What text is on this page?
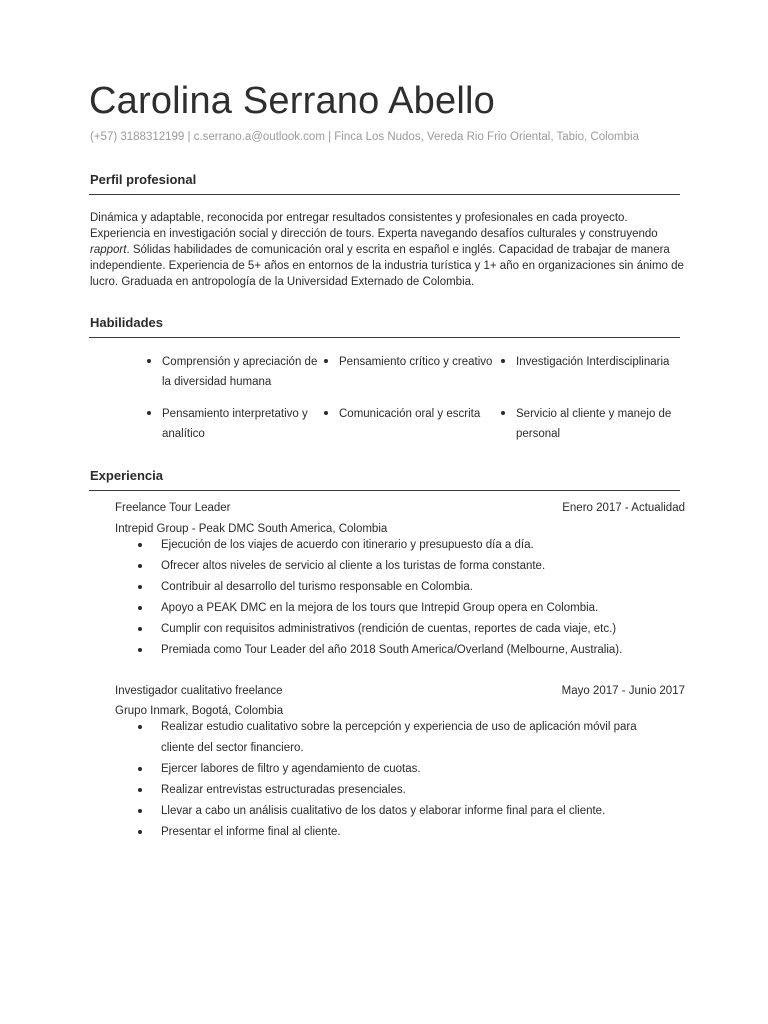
Carolina Serrano Abello
(+57) 3188312199 | c.serrano.a@outlook.com | Finca Los Nudos, Vereda Rio Frio Oriental, Tabio, Colombia
Perfil profesional
Dinámica y adaptable, reconocida por entregar resultados consistentes y profesionales en cada proyecto. Experiencia en investigación social y dirección de tours. Experta navegando desafíos culturales y construyendo rapport. Sólidas habilidades de comunicación oral y escrita en español e inglés. Capacidad de trabajar de manera independiente. Experiencia de 5+ años en entornos de la industria turística y 1+ año en organizaciones sin ánimo de lucro. Graduada en antropología de la Universidad Externado de Colombia.
Habilidades
Comprensión y apreciación de la diversidad humana
Pensamiento crítico y creativo	Investigación Interdisciplinaria
Pensamiento interpretativo y analítico
Comunicación oral y escrita	Servicio al cliente y manejo de personal
Experiencia
Freelance Tour Leader	Enero 2017 - Actualidad
Intrepid Group - Peak DMC South America, Colombia
Ejecución de los viajes de acuerdo con itinerario y presupuesto día a día.
Ofrecer altos niveles de servicio al cliente a los turistas de forma constante.
Contribuir al desarrollo del turismo responsable en Colombia.
Apoyo a PEAK DMC en la mejora de los tours que Intrepid Group opera en Colombia.
Cumplir con requisitos administrativos (rendición de cuentas, reportes de cada viaje, etc.)
Premiada como Tour Leader del año 2018 South America/Overland (Melbourne, Australia).
Investigador cualitativo freelance	Mayo 2017 - Junio 2017
Grupo Inmark, Bogotá, Colombia
Realizar estudio cualitativo sobre la percepción y experiencia de uso de aplicación móvil para cliente del sector financiero.
Ejercer labores de filtro y agendamiento de cuotas.
Realizar entrevistas estructuradas presenciales.
Llevar a cabo un análisis cualitativo de los datos y elaborar informe final para el cliente.
Presentar el informe final al cliente.
